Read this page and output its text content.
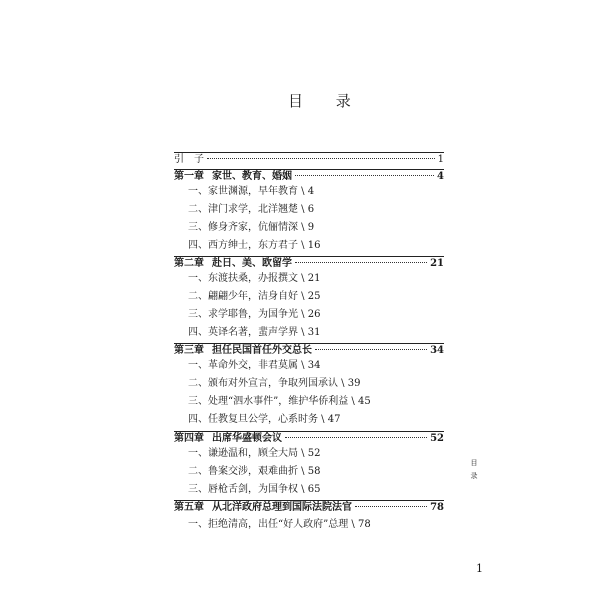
目 录
引　子	1
第一章 家世、教育、婚姻	4
一、家世渊源，早年教育 \ 4
二、津门求学，北洋翘楚 \ 6
三、修身齐家，伉俪情深 \ 9
四、西方绅士，东方君子 \ 16
第二章 赴日、美、欧留学	21
一、东渡扶桑，办报撰文 \ 21
二、翩翩少年，洁身自好 \ 25
三、求学耶鲁，为国争光 \ 26
四、英译名著，蜚声学界 \ 31
第三章 担任民国首任外交总长	34
一、革命外交，非君莫属 \ 34
二、颁布对外宣言，争取列国承认 \ 39
三、处理“泗水事件”，维护华侨利益 \ 45
四、任教复旦公学，心系时务 \ 47
第四章 出席华盛顿会议	52
一、谦逊温和，顾全大局 \ 52
二、鲁案交涉，艰难曲折 \ 58
三、唇枪舌剑，为国争权 \ 65
第五章 从北洋政府总理到国际法院法官	78
一、拒绝清高，出任“好人政府”总理 \ 78
目录
1
